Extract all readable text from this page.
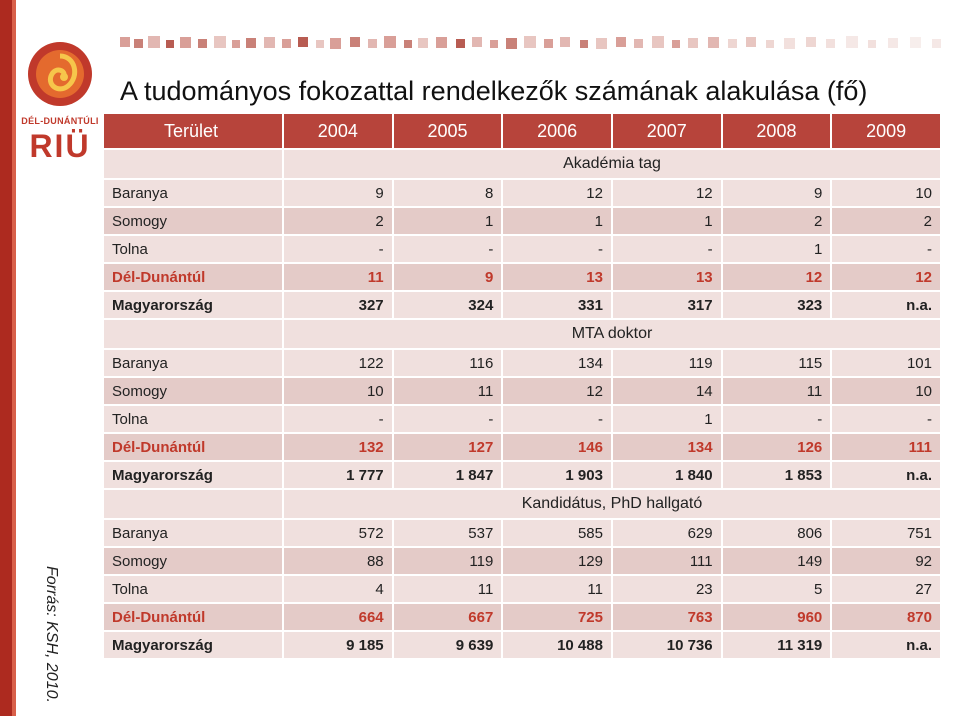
DÉL-DUNÁNTÚLI
RIÜ
A tudományos fokozattal rendelkezők számának alakulása (fő)
Forrás: KSH, 2010.
Terület	2004	2005	2006	2007	2008	2009
	Akadémia tag					
Baranya	9	8	12	12	9	10
Somogy	2	1	1	1	2	2
Tolna	-	-	-	-	1	-
Dél-Dunántúl	11	9	13	13	12	12
Magyarország	327	324	331	317	323	n.a.
	MTA doktor					
Baranya	122	116	134	119	115	101
Somogy	10	11	12	14	11	10
Tolna	-	-	-	1	-	-
Dél-Dunántúl	132	127	146	134	126	111
Magyarország	1 777	1 847	1 903	1 840	1 853	n.a.
	Kandidátus, PhD hallgató					
Baranya	572	537	585	629	806	751
Somogy	88	119	129	111	149	92
Tolna	4	11	11	23	5	27
Dél-Dunántúl	664	667	725	763	960	870
Magyarország	9 185	9 639	10 488	10 736	11 319	n.a.
